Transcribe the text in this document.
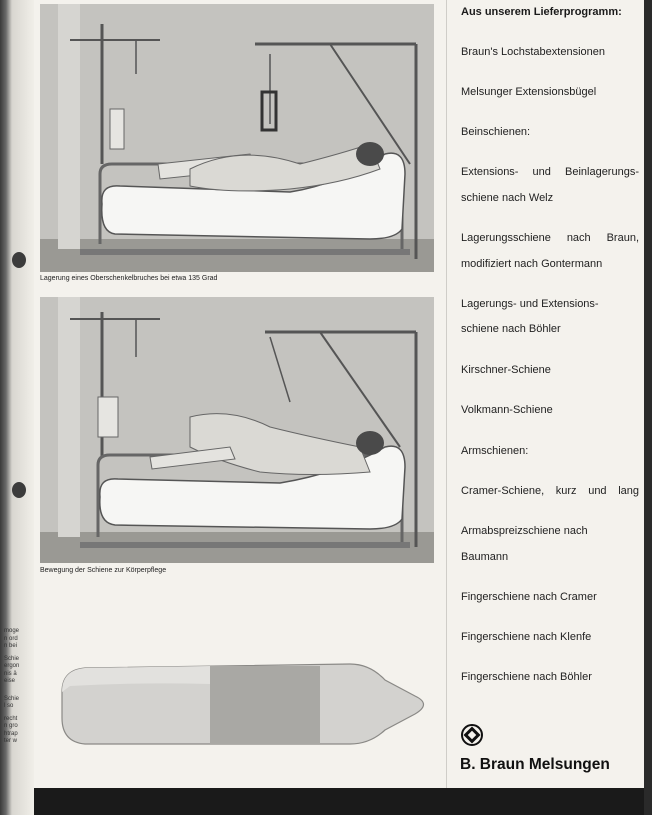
möge
n ord
n bei
Schie
ergon
nis ä
eise
Schie
l so
recht
n gro
htrap
ter w
Lagerung eines Oberschenkelbruches bei etwa 135 Grad
Bewegung der Schiene zur Körperpflege
Aus unserem Lieferprogramm:
Braun's Lochstabextensionen
Melsunger Extensionsbügel
Beinschienen:
Extensions- und Beinlagerungs-
schiene nach Welz
Lagerungsschiene nach Braun,
modifiziert nach Gontermann
Lagerungs- und Extensions-
schiene nach Böhler
Kirschner-Schiene
Volkmann-Schiene
Armschienen:
Cramer-Schiene, kurz und lang
Armabspreizschiene nach
Baumann
Fingerschiene nach Cramer
Fingerschiene nach Klenfe
Fingerschiene nach Böhler
B. Braun Melsungen
